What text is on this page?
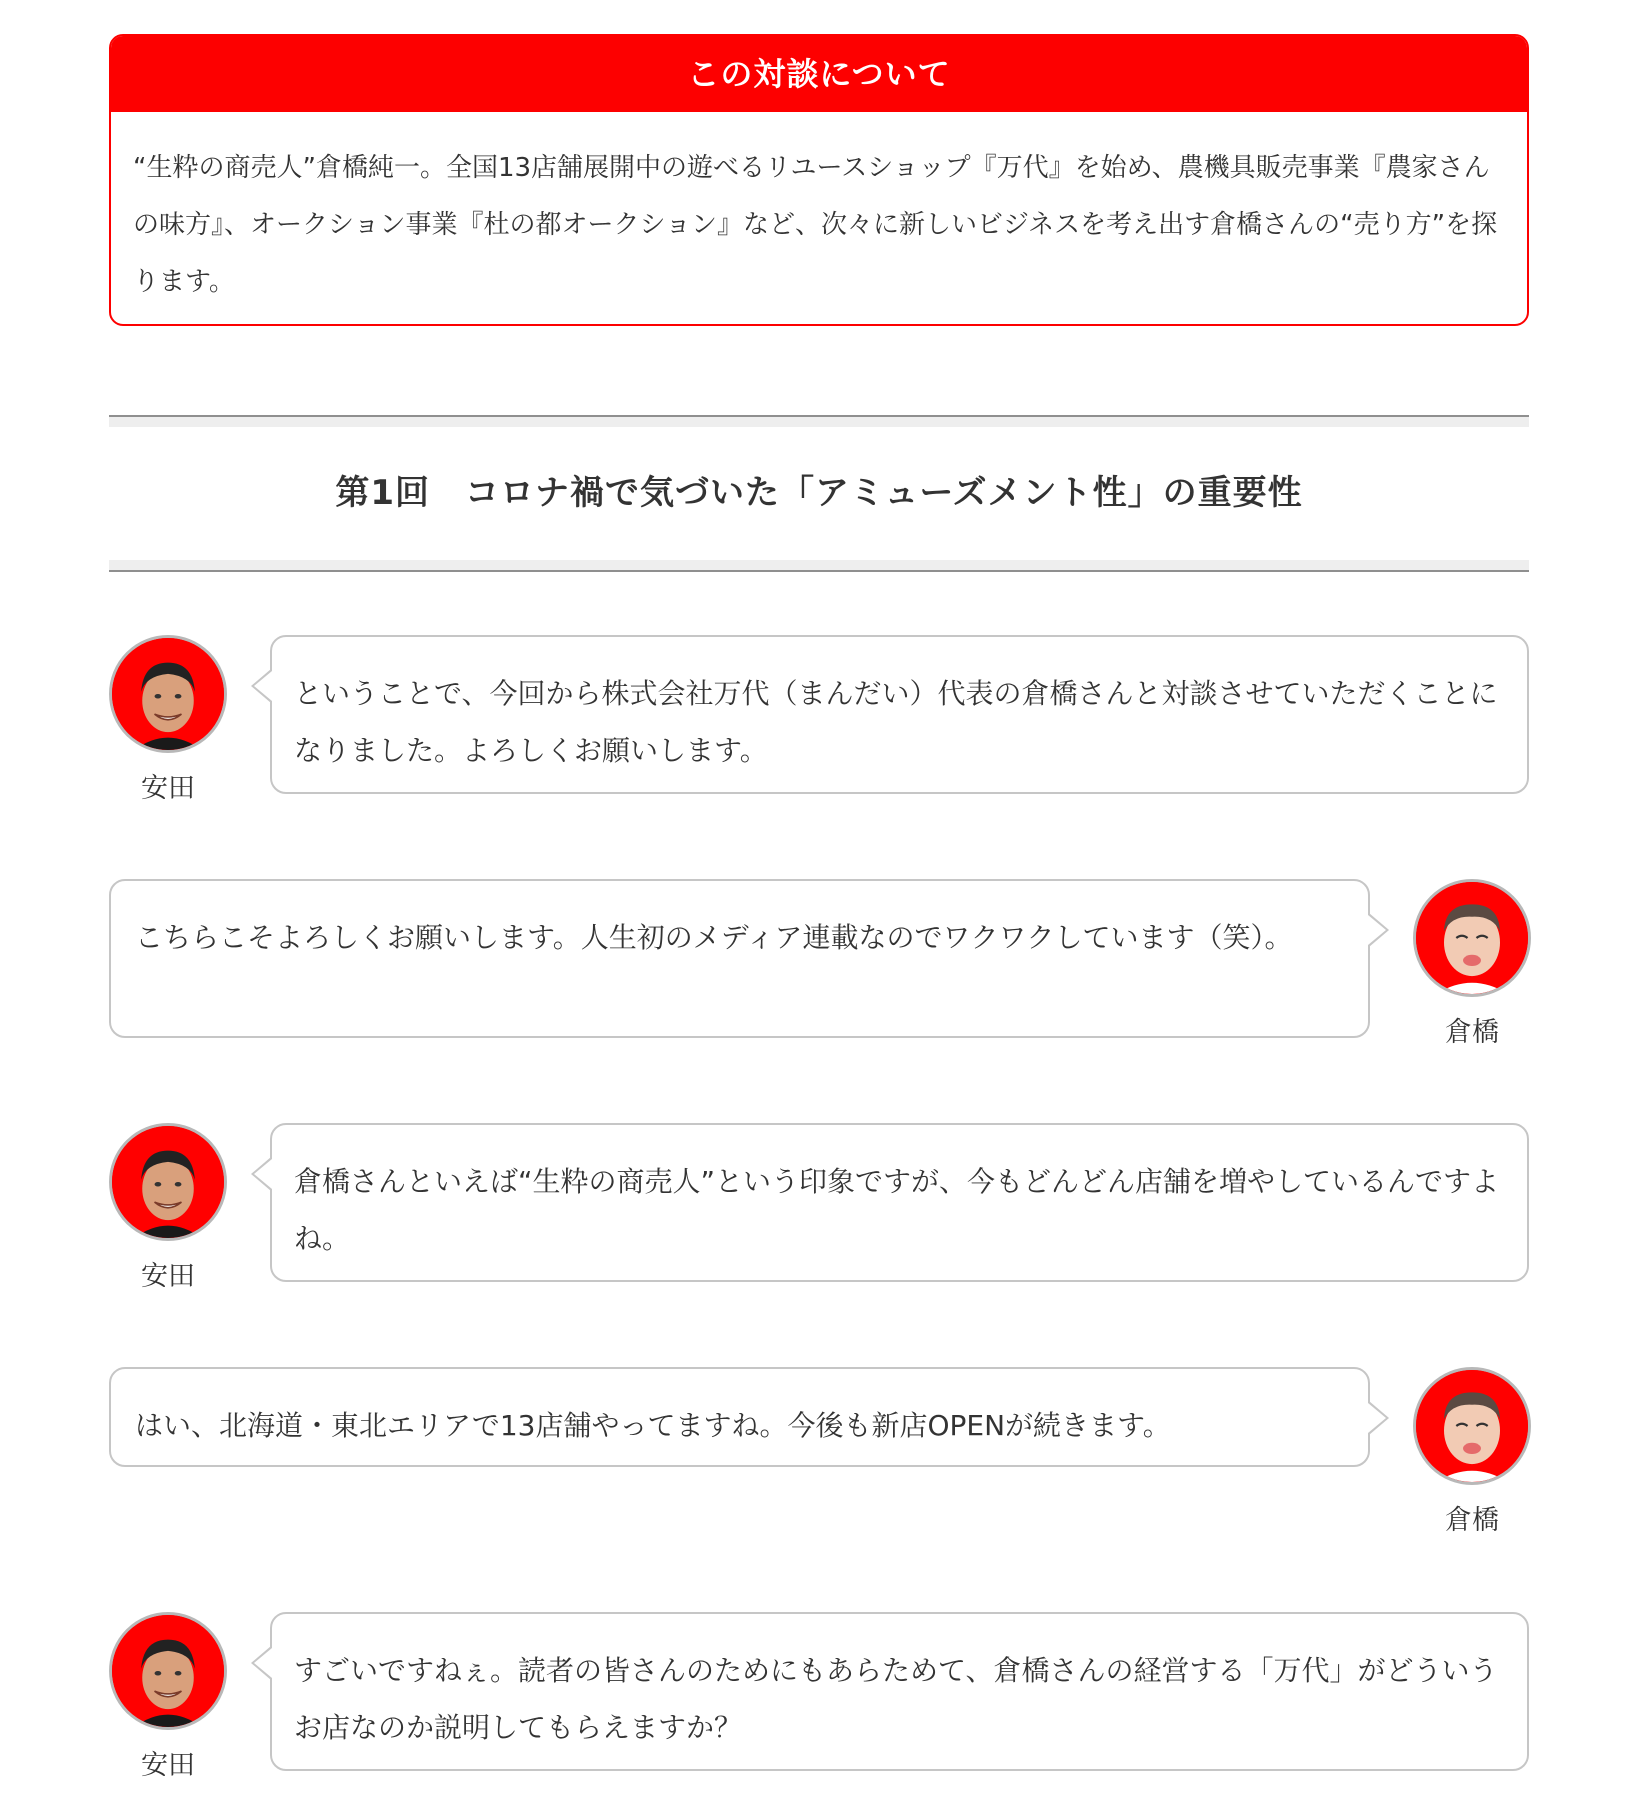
この対談について
“生粋の商売人”倉橋純一。全国13店舗展開中の遊べるリユースショップ『万代』を始め、農機具販売事業『農家さんの味方』、オークション事業『杜の都オークション』など、次々に新しいビジネスを考え出す倉橋さんの“売り方”を探ります。
第1回　コロナ禍で気づいた「アミューズメント性」の重要性
安田
ということで、今回から株式会社万代（まんだい）代表の倉橋さんと対談させていただくことになりました。よろしくお願いします。
こちらこそよろしくお願いします。人生初のメディア連載なのでワクワクしています（笑）。
倉橋
安田
倉橋さんといえば“生粋の商売人”という印象ですが、今もどんどん店舗を増やしているんですよね。
はい、北海道・東北エリアで13店舗やってますね。今後も新店OPENが続きます。
倉橋
安田
すごいですねぇ。読者の皆さんのためにもあらためて、倉橋さんの経営する「万代」がどういうお店なのか説明してもらえますか？
